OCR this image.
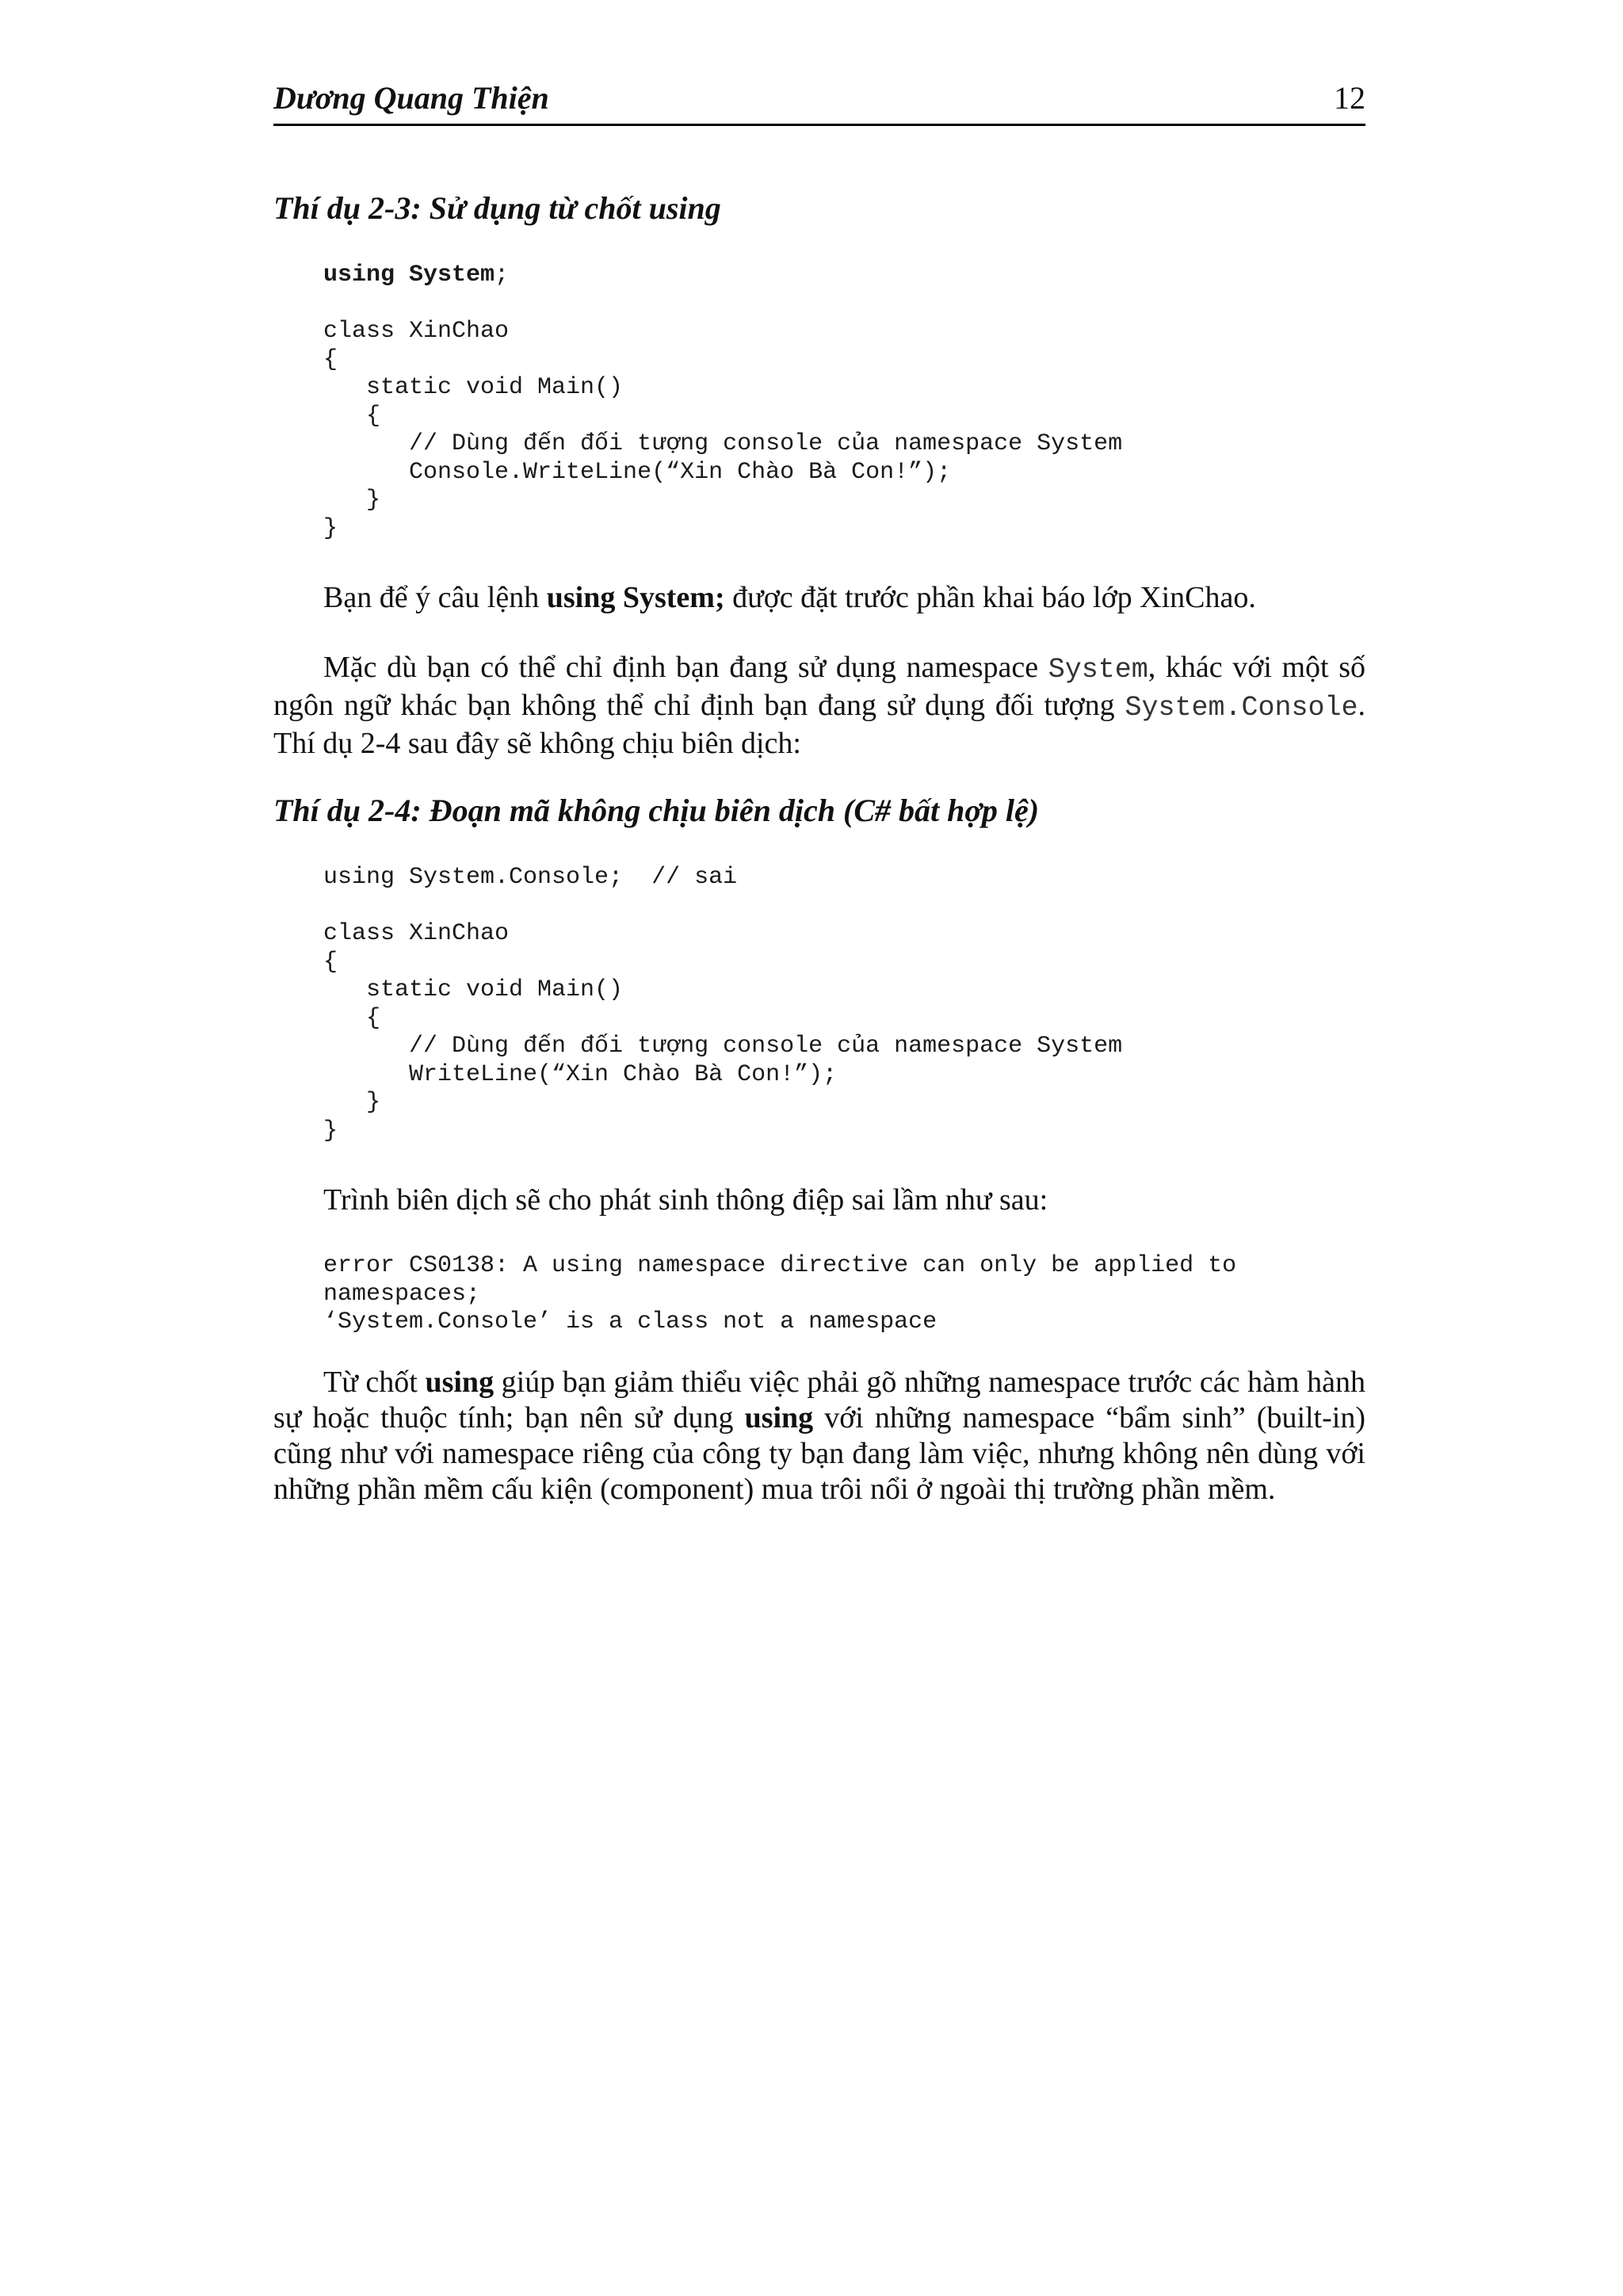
Dương Quang Thiện	12
Thí dụ 2-3: Sử dụng từ chốt using
using System;
class XinChao
{
static void Main()
{
// Dùng đến đối tượng console của namespace System
Console.WriteLine(“Xin Chào Bà Con!”);
}
}

Bạn để ý câu lệnh using System; được đặt trước phần khai báo lớp XinChao.

Mặc dù bạn có thể chỉ định bạn đang sử dụng namespace System, khác với một số ngôn ngữ khác bạn không thể chỉ định bạn đang sử dụng đối tượng System.Console. Thí dụ 2-4 sau đây sẽ không chịu biên dịch:

Thí dụ 2-4: Đoạn mã không chịu biên dịch (C# bất hợp lệ)
using System.Console;  // sai
class XinChao
{
static void Main()
{
// Dùng đến đối tượng console của namespace System
WriteLine(“Xin Chào Bà Con!”);
}
}

Trình biên dịch sẽ cho phát sinh thông điệp sai lầm như sau:

error CS0138: A using namespace directive can only be applied to
namespaces;
‘System.Console’ is a class not a namespace

Từ chốt using giúp bạn giảm thiểu việc phải gõ những namespace trước các hàm hành sự hoặc thuộc tính; bạn nên sử dụng using với những namespace “bẩm sinh” (built-in) cũng như với namespace riêng của công ty bạn đang làm việc, nhưng không nên dùng với những phần mềm cấu kiện (component) mua trôi nổi ở ngoài thị trường phần mềm.
